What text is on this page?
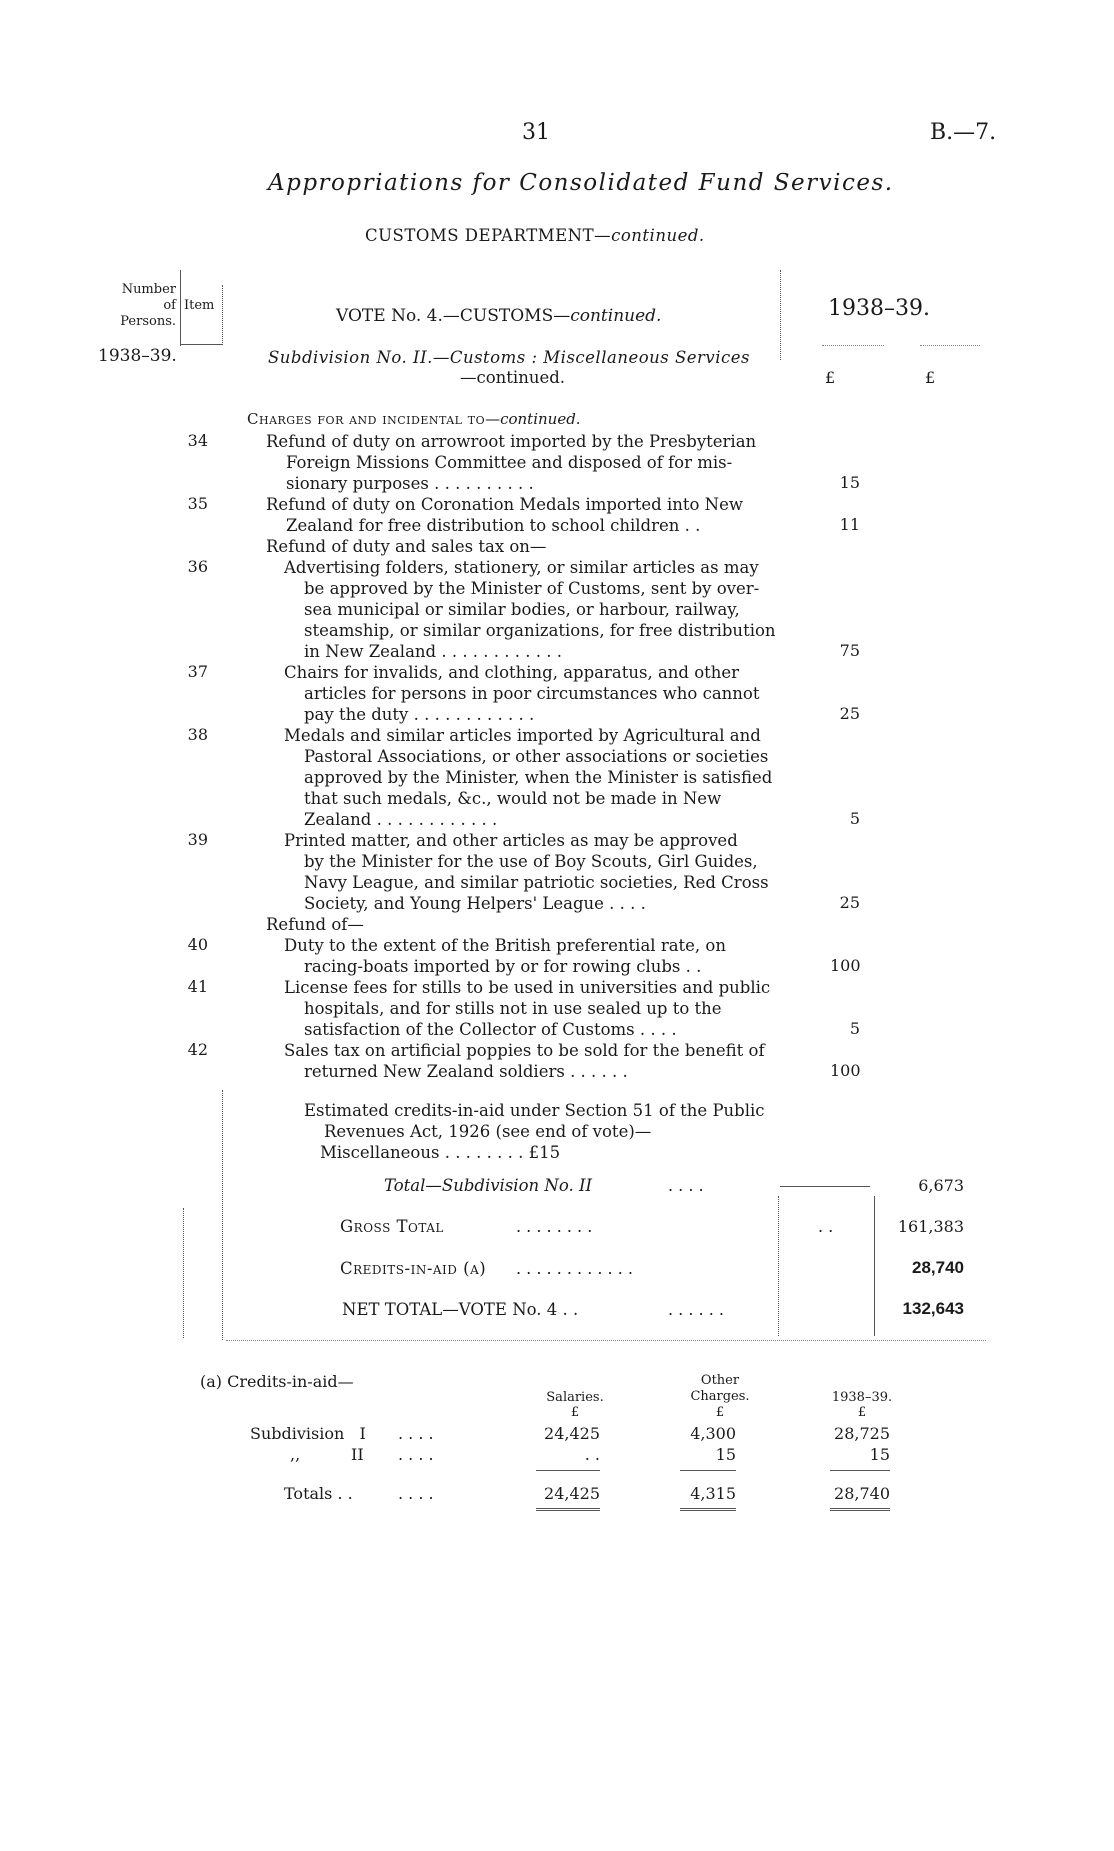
31	B.—7.
Appropriations for Consolidated Fund Services.
CUSTOMS DEPARTMENT—continued.
Number
of
Persons.
Item
VOTE No. 4.—CUSTOMS—continued.	1938–39.
1938–39.	Subdivision No. II.—Customs : Miscellaneous Services
—continued.	£	£
Charges for and incidental to—continued.
34	Refund of duty on arrowroot imported by the Presbyterian
Foreign Missions Committee and disposed of for mis-
sionary purposes . . . . . . . . . .	15
35	Refund of duty on Coronation Medals imported into New
Zealand for free distribution to school children . .	11
Refund of duty and sales tax on—
36	Advertising folders, stationery, or similar articles as may
be approved by the Minister of Customs, sent by over-
sea municipal or similar bodies, or harbour, railway,
steamship, or similar organizations, for free distribution
in New Zealand . . . . . . . . . . . .	75
37	Chairs for invalids, and clothing, apparatus, and other
articles for persons in poor circumstances who cannot
pay the duty . . . . . . . . . . . .	25
38	Medals and similar articles imported by Agricultural and
Pastoral Associations, or other associations or societies
approved by the Minister, when the Minister is satisfied
that such medals, &c., would not be made in New
Zealand . . . . . . . . . . . .	5
39	Printed matter, and other articles as may be approved
by the Minister for the use of Boy Scouts, Girl Guides,
Navy League, and similar patriotic societies, Red Cross
Society, and Young Helpers' League . . . .	25
Refund of—
40	Duty to the extent of the British preferential rate, on
racing-boats imported by or for rowing clubs . .	100
41	License fees for stills to be used in universities and public
hospitals, and for stills not in use sealed up to the
satisfaction of the Collector of Customs . . . .	5
42	Sales tax on artificial poppies to be sold for the benefit of
returned New Zealand soldiers . . . . . .	100
Estimated credits-in-aid under Section 51 of the Public
Revenues Act, 1926 (see end of vote)—
Miscellaneous . . . . . . . . £15
Total—Subdivision No. II	. . . .	6,673
Gross Total	. . . . . . . .	. .	161,383
Credits-in-aid (a) . . . . . . . . . . . .	28,740
NET TOTAL—VOTE No. 4 . .	. . . . . .	132,643
(a) Credits-in-aid—
Salaries.
£
Other
Charges.
£
1938–39.
£
Subdivision   I . . . .	24,425	4,300	28,725
,,          II . . . .	. .	15	15
Totals . .	. . . .	24,425	4,315	28,740
